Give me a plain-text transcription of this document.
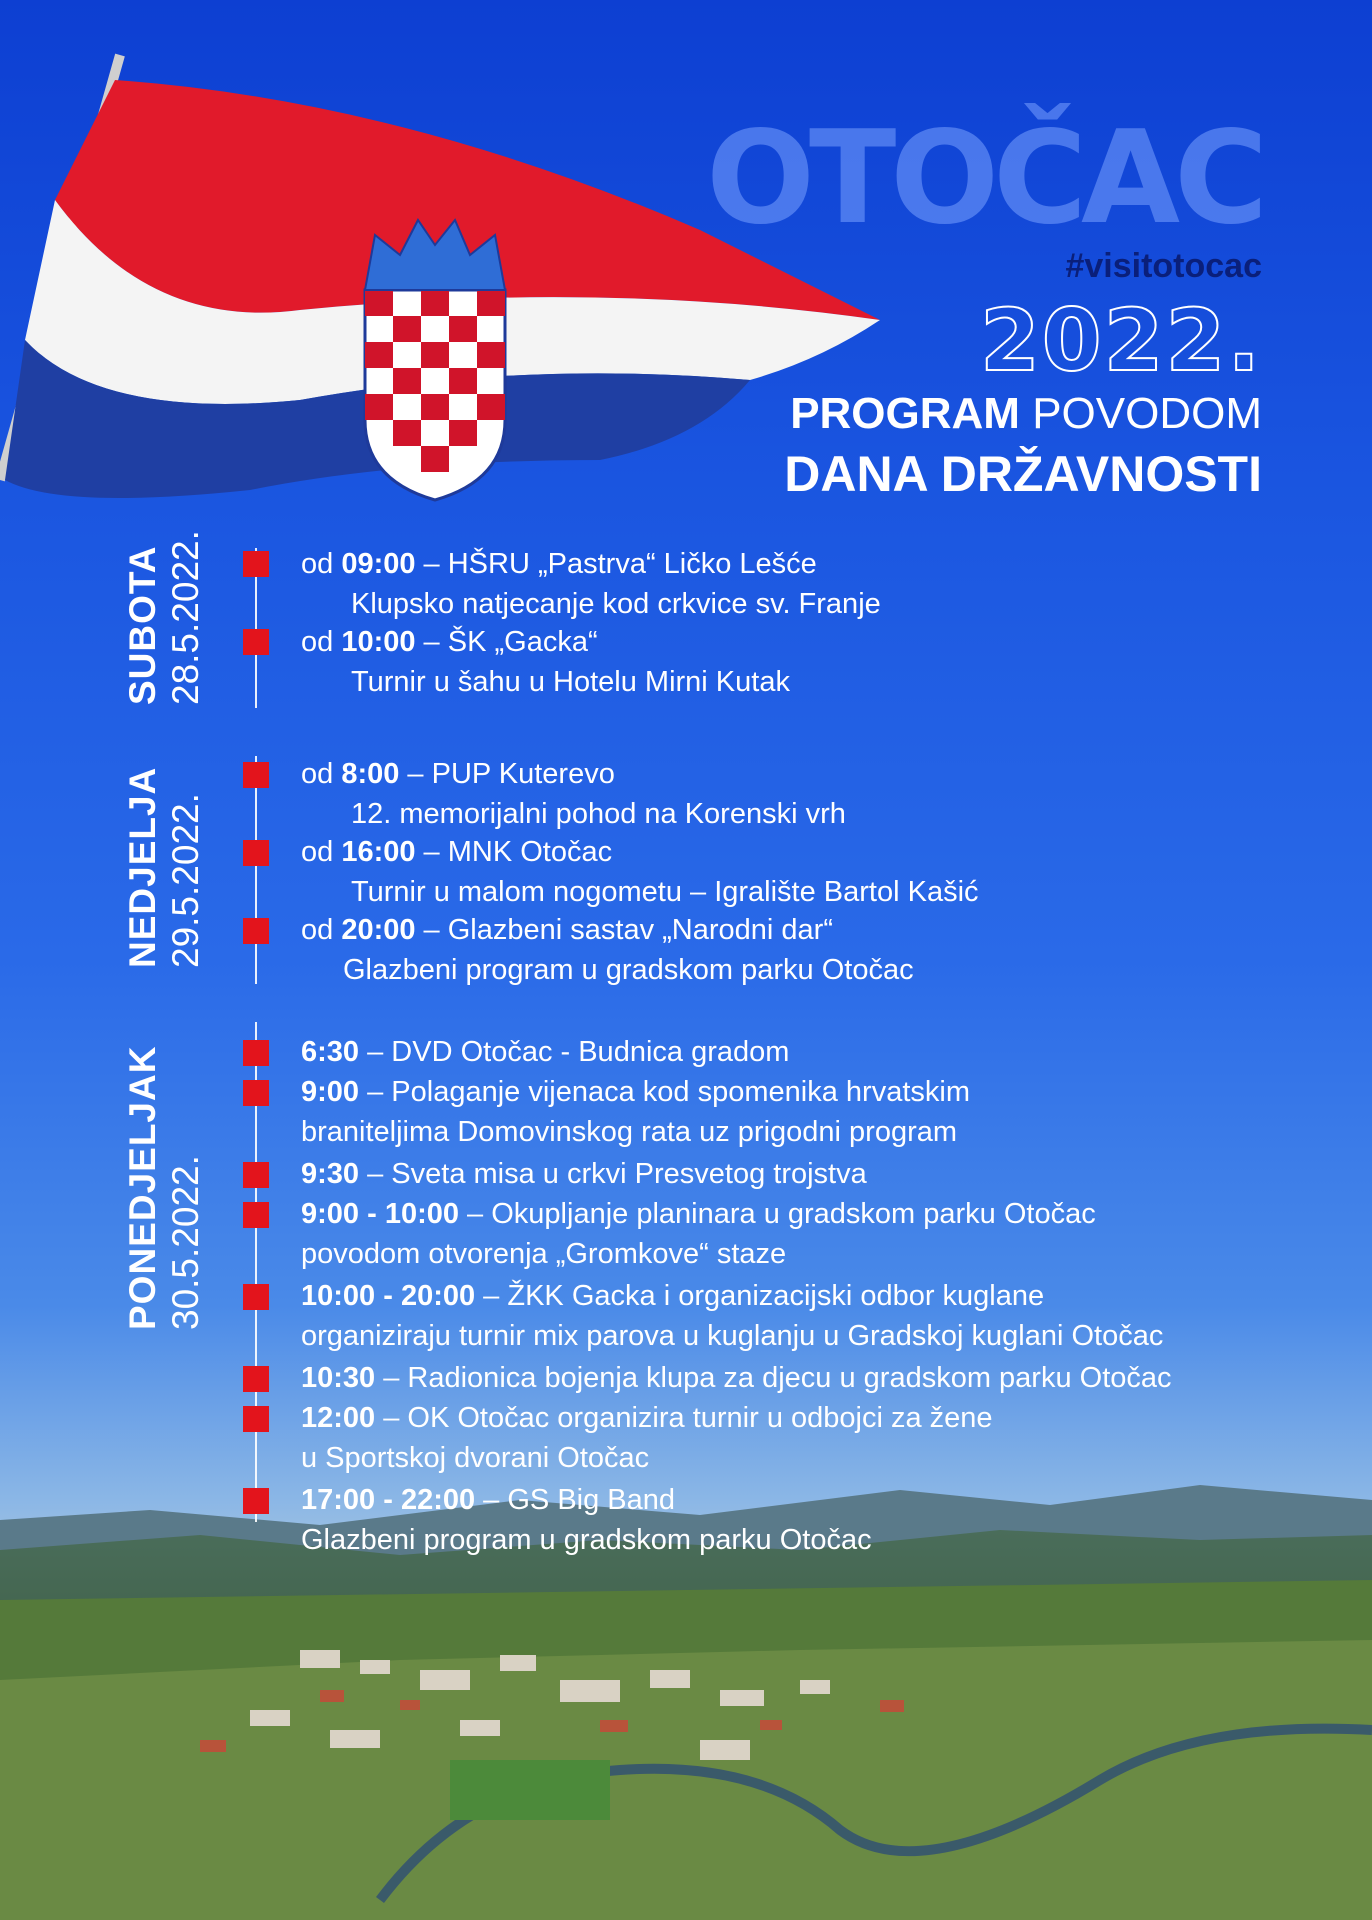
OTOČAC
#visitotocac
2022.
PROGRAM POVODOM
DANA DRŽAVNOSTI
SUBOTA 28.5.2022.	od 09:00 – HŠRU „Pastrva“ Ličko Lešće
Klupsko natjecanje kod crkvice sv. Franje
od 10:00 – ŠK „Gacka“
Turnir u šahu u Hotelu Mirni Kutak
NEDJELJA 29.5.2022.
od 8:00 – PUP Kuterevo
12. memorijalni pohod na Korenski vrh
od 16:00 – MNK Otočac
Turnir u malom nogometu – Igralište Bartol Kašić
od 20:00 – Glazbeni sastav „Narodni dar“
Glazbeni program u gradskom parku Otočac
PONEDJELJAK 30.5.2022.
6:30 – DVD Otočac - Budnica gradom
9:00 – Polaganje vijenaca kod spomenika hrvatskim
braniteljima Domovinskog rata uz prigodni program
9:30 – Sveta misa u crkvi Presvetog trojstva
9:00 - 10:00 – Okupljanje planinara u gradskom parku Otočac
povodom otvorenja „Gromkove“ staze
10:00 - 20:00 – ŽKK Gacka i organizacijski odbor kuglane
organiziraju turnir mix parova u kuglanju u Gradskoj kuglani Otočac
10:30 – Radionica bojenja klupa za djecu u gradskom parku Otočac
12:00 – OK Otočac organizira turnir u odbojci za žene
u Sportskoj dvorani Otočac
17:00 - 22:00 – GS Big Band
Glazbeni program u gradskom parku Otočac
